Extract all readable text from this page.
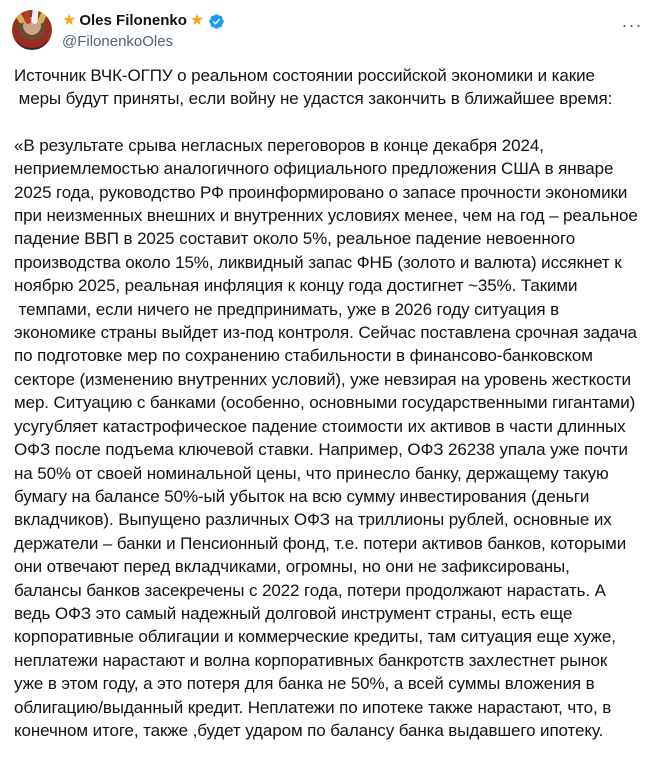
★ Oles Filonenko ★
@FilonenkoOles
···

Источник ВЧК-ОГПУ о реальном состоянии российской экономики и какие
меры будут приняты, если войну не удастся закончить в ближайшее время:

«В результате срыва негласных переговоров в конце декабря 2024,
неприемлемостью аналогичного официального предложения США в январе
2025 года, руководство РФ проинформировано о запасе прочности экономики
при неизменных внешних и внутренних условиях менее, чем на год – реальное
падение ВВП в 2025 составит около 5%, реальное падение невоенного
производства около 15%, ликвидный запас ФНБ (золото и валюта) иссякнет к
ноябрю 2025, реальная инфляция к концу года достигнет ~35%. Такими
темпами, если ничего не предпринимать, уже в 2026 году ситуация в
экономике страны выйдет из-под контроля. Сейчас поставлена срочная задача
по подготовке мер по сохранению стабильности в финансово-банковском
секторе (изменению внутренних условий), уже невзирая на уровень жесткости
мер. Ситуацию с банками (особенно, основными государственными гигантами)
усугубляет катастрофическое падение стоимости их активов в части длинных
ОФЗ после подъема ключевой ставки. Например, ОФЗ 26238 упала уже почти
на 50% от своей номинальной цены, что принесло банку, держащему такую
бумагу на балансе 50%-ый убыток на всю сумму инвестирования (деньги
вкладчиков). Выпущено различных ОФЗ на триллионы рублей, основные их
держатели – банки и Пенсионный фонд, т.е. потери активов банков, которыми
они отвечают перед вкладчиками, огромны, но они не зафиксированы,
балансы банков засекречены с 2022 года, потери продолжают нарастать. А
ведь ОФЗ это самый надежный долговой инструмент страны, есть еще
корпоративные облигации и коммерческие кредиты, там ситуация еще хуже,
неплатежи нарастают и волна корпоративных банкротств захлестнет рынок
уже в этом году, а это потеря для банка не 50%, а всей суммы вложения в
облигацию/выданный кредит. Неплатежи по ипотеке также нарастают, что, в
конечном итоге, также ,будет ударом по балансу банка выдавшего ипотеку.
